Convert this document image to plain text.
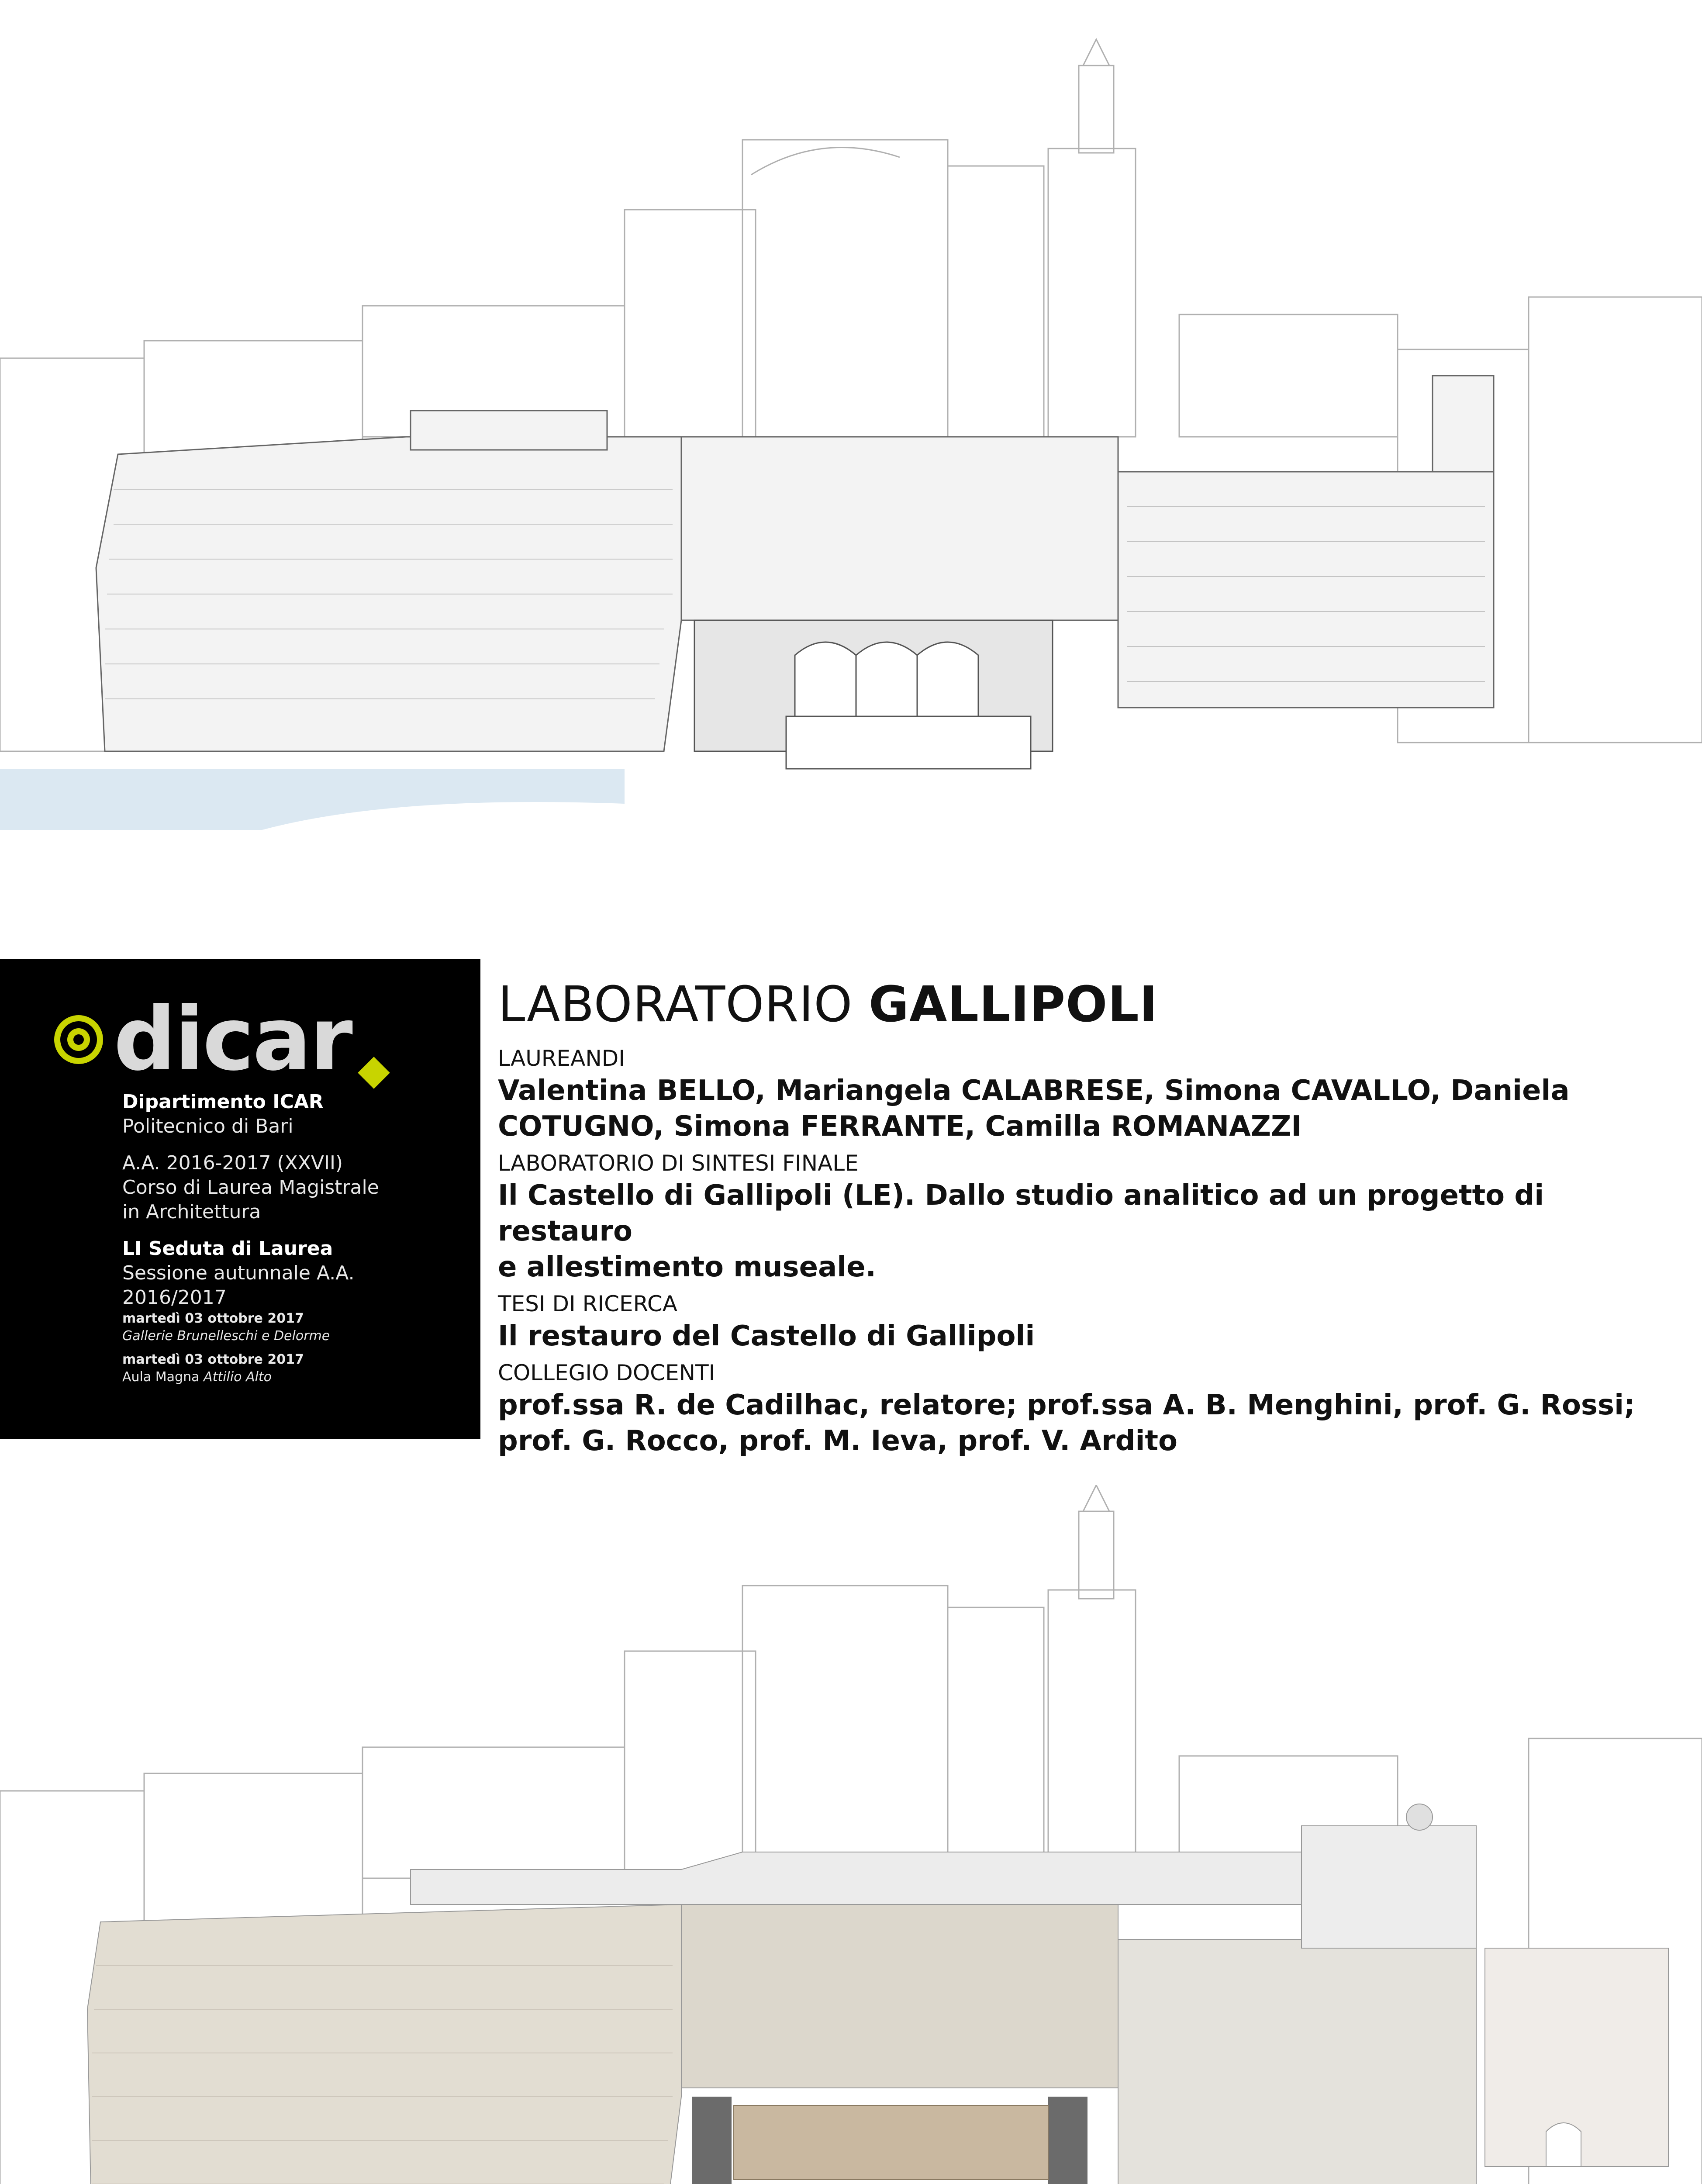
dicar
Dipartimento ICAR
Politecnico di Bari
A.A. 2016-2017 (XXVII)
Corso di Laurea Magistrale
in Architettura
LI Seduta di Laurea
Sessione autunnale A.A. 2016/2017
martedì 03 ottobre 2017
Gallerie Brunelleschi e Delorme
martedì 03 ottobre 2017
Aula Magna Attilio Alto
LABORATORIO GALLIPOLI
LAUREANDI
Valentina BELLO, Mariangela CALABRESE, Simona CAVALLO, Daniela
COTUGNO, Simona FERRANTE, Camilla ROMANAZZI
LABORATORIO DI SINTESI FINALE
Il Castello di Gallipoli (LE). Dallo studio analitico ad un progetto di restauro
e allestimento museale.
TESI DI RICERCA
Il restauro del Castello di Gallipoli
COLLEGIO DOCENTI
prof.ssa R. de Cadilhac, relatore; prof.ssa A. B. Menghini, prof. G. Rossi;
prof. G. Rocco, prof. M. Ieva, prof. V. Ardito
